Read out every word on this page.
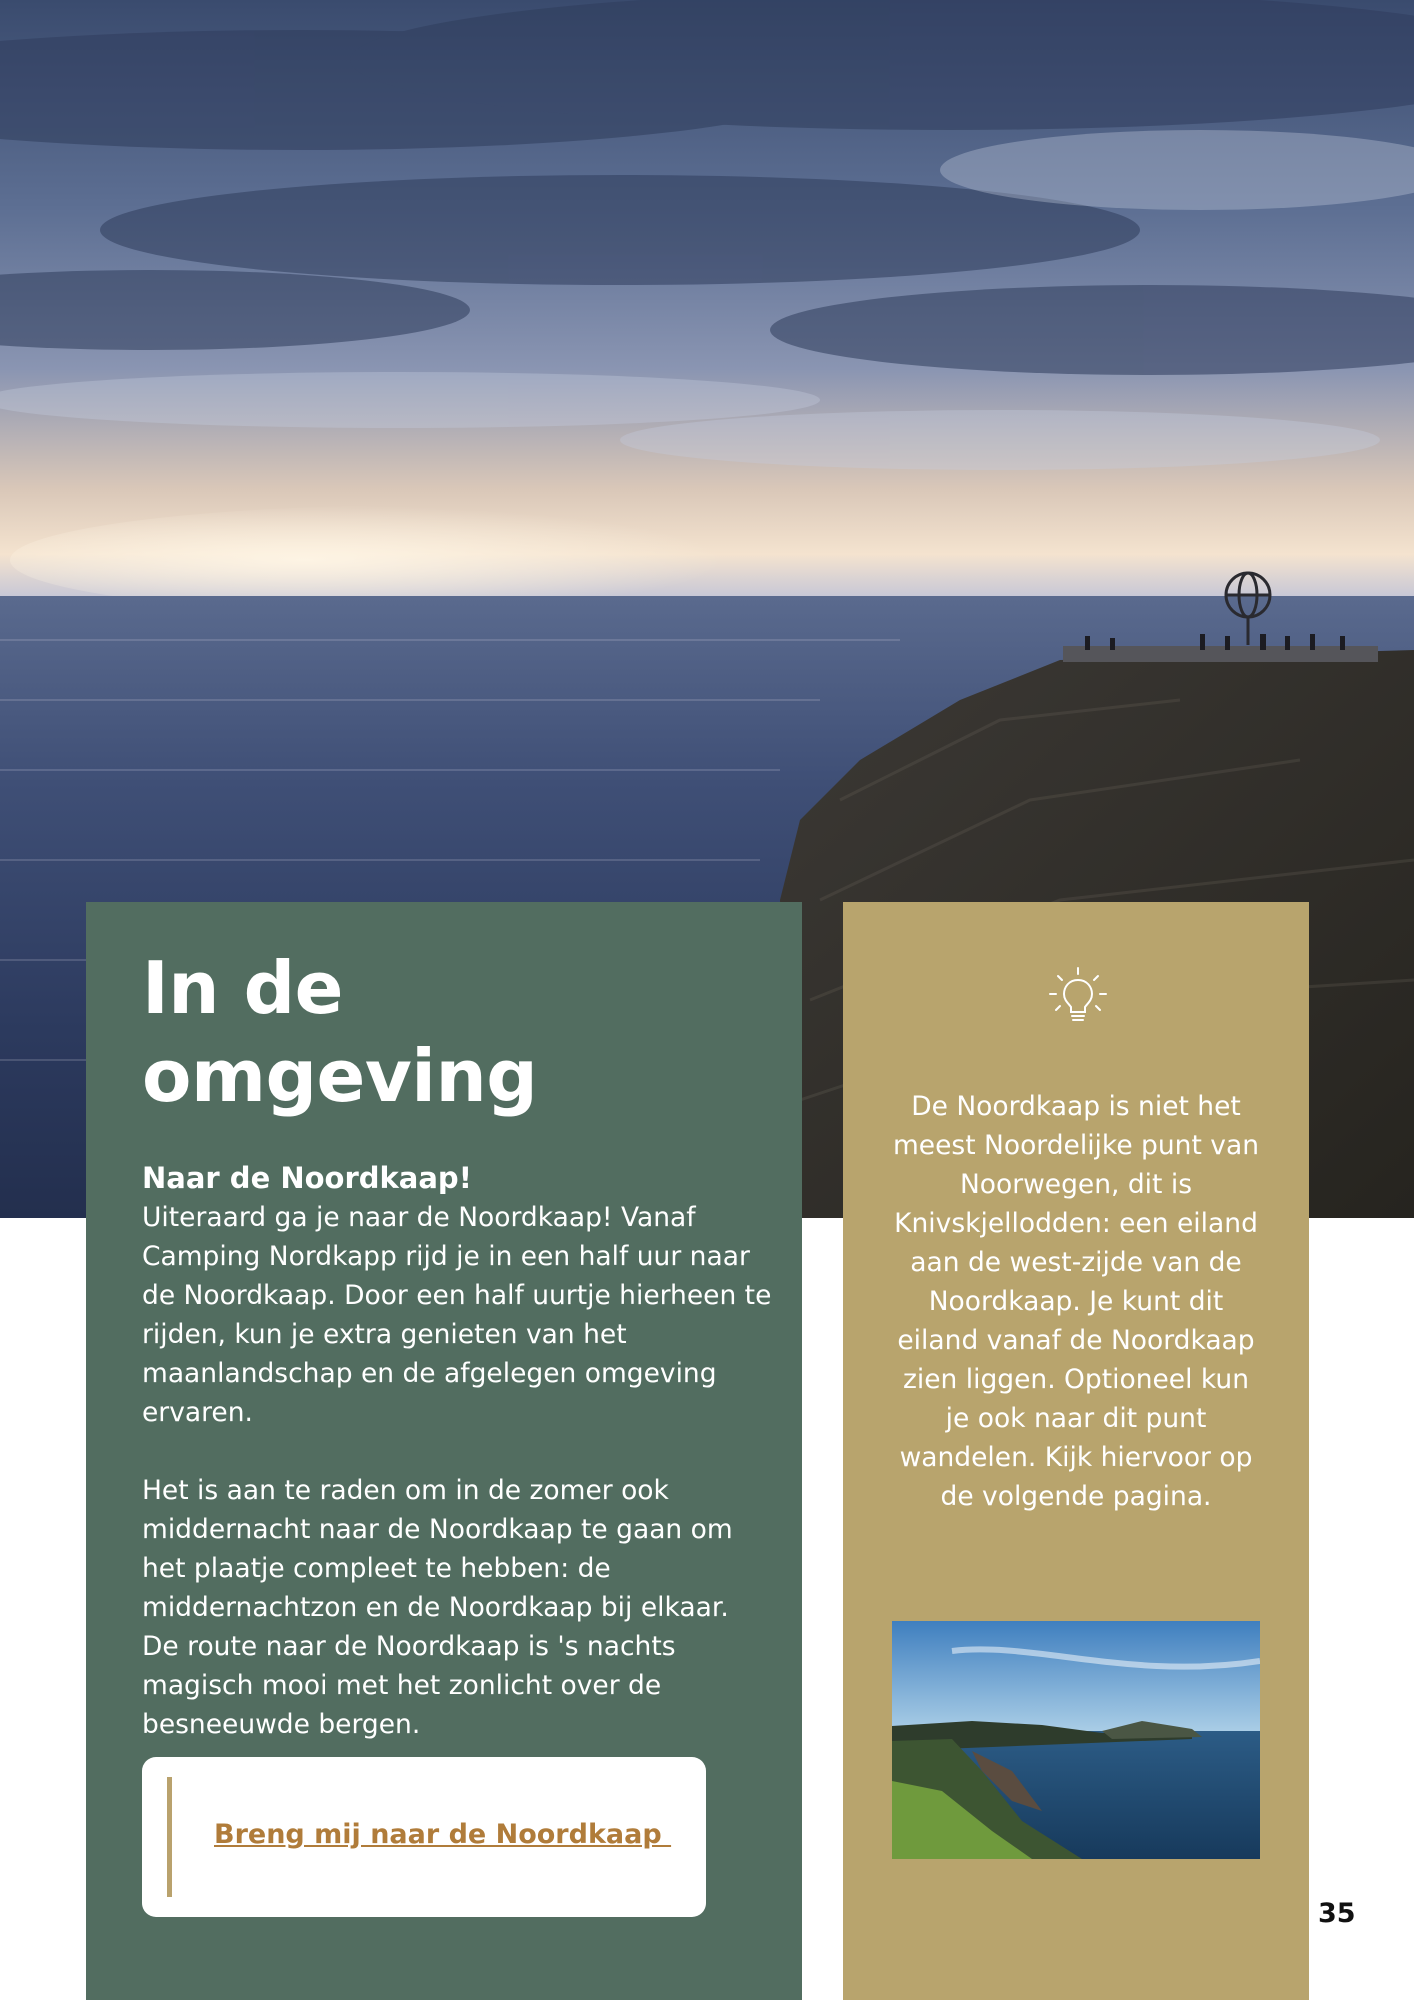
In de omgeving
Naar de Noordkaap!

Uiteraard ga je naar de Noordkaap! Vanaf Camping Nordkapp rijd je in een half uur naar de Noordkaap. Door een half uurtje hierheen te rijden, kun je extra genieten van het maanlandschap en de afgelegen omgeving ervaren.

Het is aan te raden om in de zomer ook middernacht naar de Noordkaap te gaan om het plaatje compleet te hebben: de middernachtzon en de Noordkaap bij elkaar. De route naar de Noordkaap is 's nachts magisch mooi met het zonlicht over de besneeuwde bergen.

Breng mij naar de Noordkaap

De Noordkaap is niet het meest Noordelijke punt van Noorwegen, dit is Knivskjellodden: een eiland aan de west-zijde van de Noordkaap. Je kunt dit eiland vanaf de Noordkaap zien liggen. Optioneel kun je ook naar dit punt wandelen. Kijk hiervoor op de volgende pagina.

35
